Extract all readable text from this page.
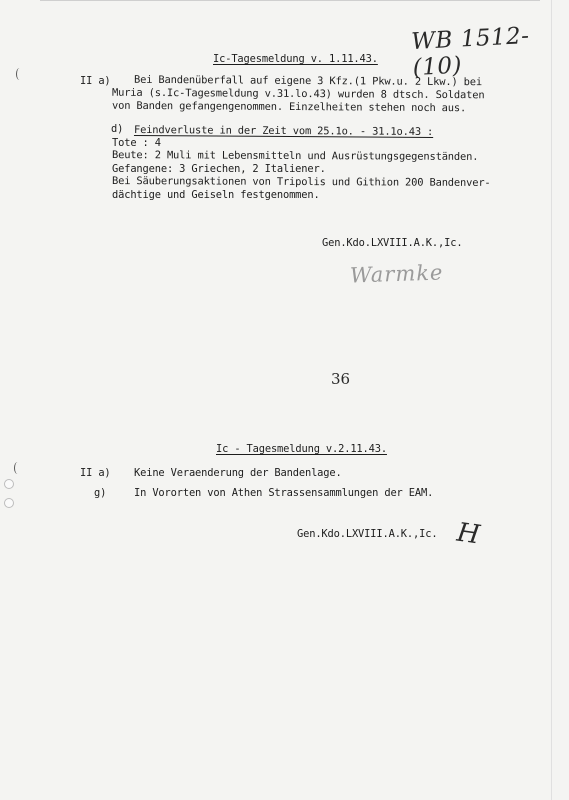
WB 1512-(10)
Ic-Tagesmeldung v. 1.11.43.
II a) Bei Bandenüberfall auf eigene 3 Kfz.(1 Pkw.u. 2 Lkw.) bei
Muria (s.Ic-Tagesmeldung v.31.lo.43) wurden 8 dtsch. Soldaten
von Banden gefangengenommen. Einzelheiten stehen noch aus.
d) Feindverluste in der Zeit vom 25.1o. - 31.1o.43 :
Tote : 4
Beute: 2 Muli mit Lebensmitteln und Ausrüstungsgegenständen.
Gefangene: 3 Griechen, 2 Italiener.
Bei Säuberungsaktionen von Tripolis und Githion 200 Bandenver-
dächtige und Geiseln festgenommen.
Gen.Kdo.LXVIII.A.K.,Ic.
Warmke
36
Ic - Tagesmeldung v.2.11.43.
II a) Keine Veraenderung der Bandenlage.
g)	In Vororten von Athen Strassensammlungen der EAM.
Gen.Kdo.LXVIII.A.K.,Ic. H
